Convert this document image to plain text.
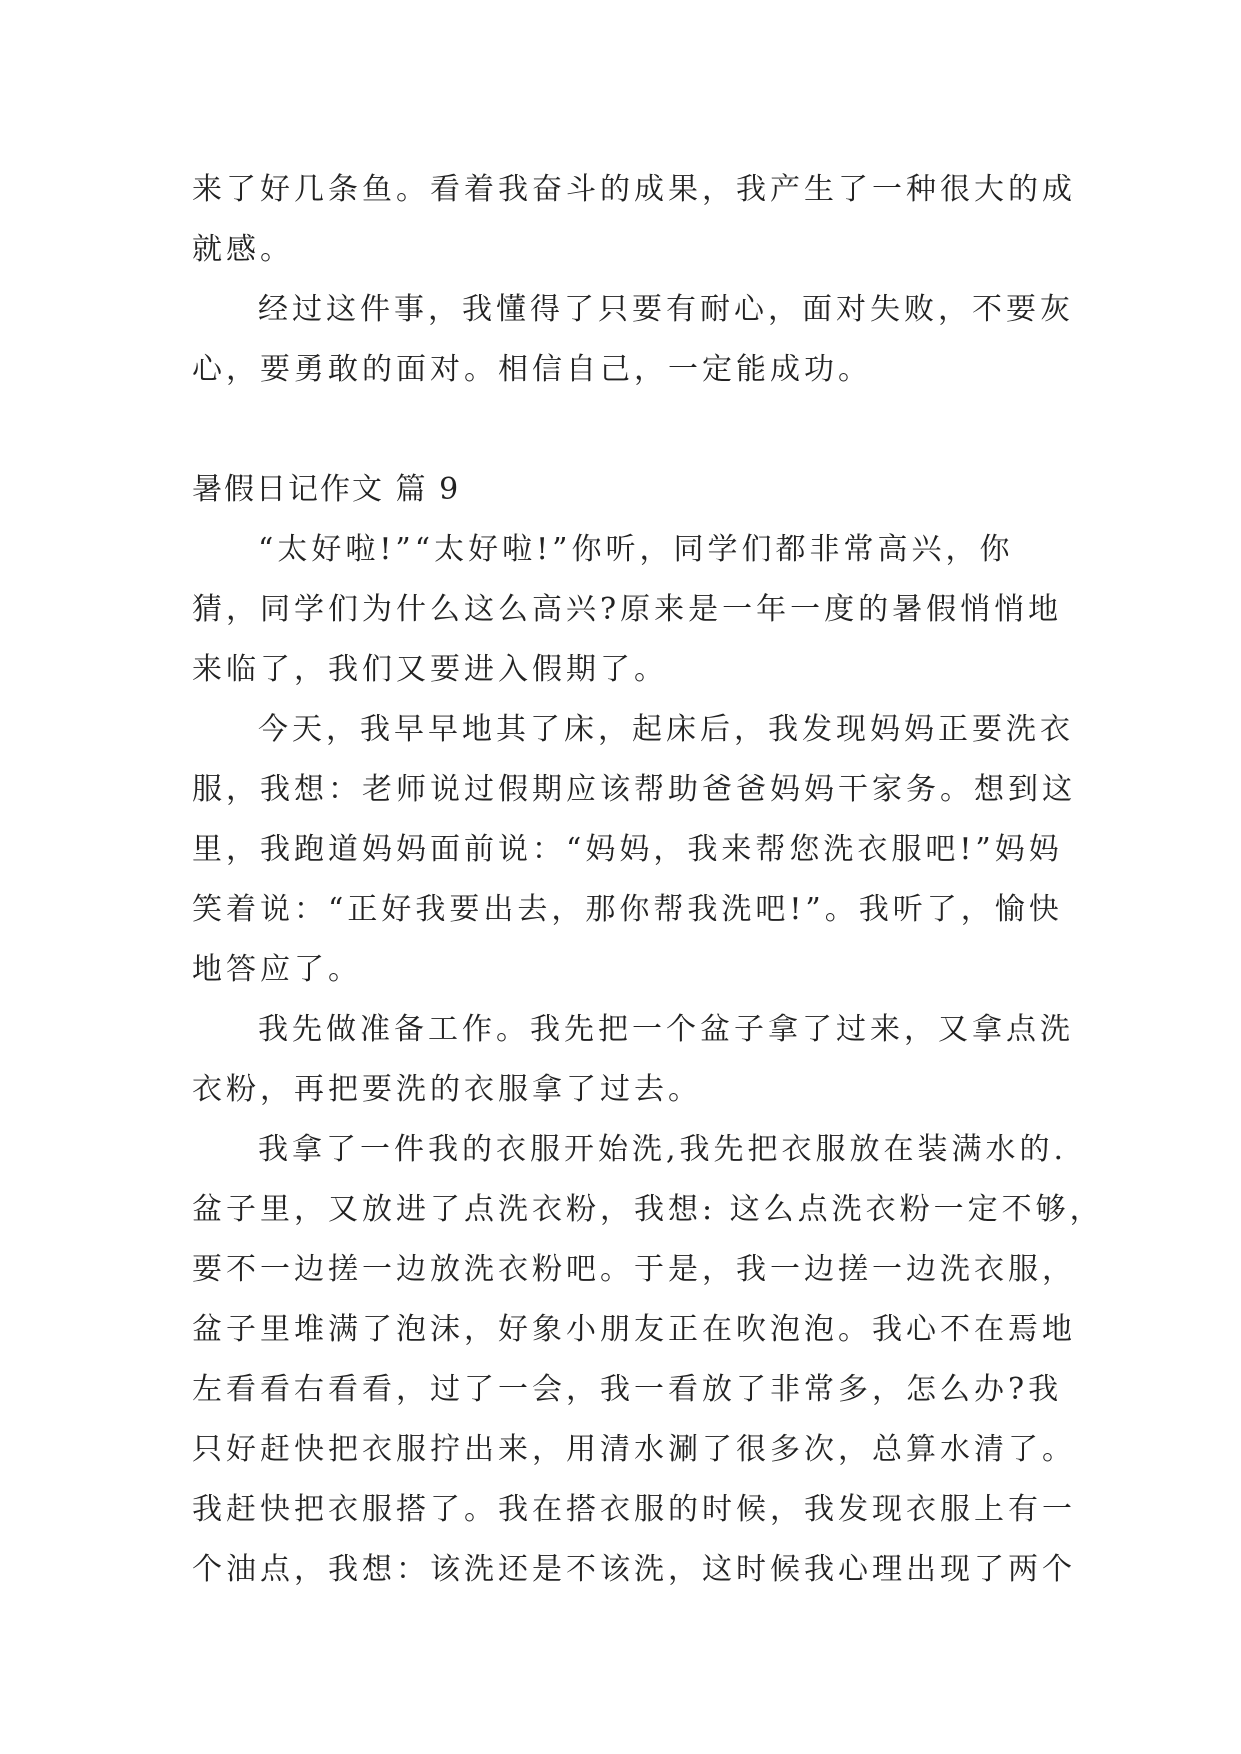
来了好几条鱼。看着我奋斗的成果，我产生了一种很大的成
就感。
经过这件事，我懂得了只要有耐心，面对失败，不要灰
心，要勇敢的面对。相信自己，一定能成功。
暑假日记作文 篇 9
“太好啦!”“太好啦!”你听，同学们都非常高兴，你
猜，同学们为什么这么高兴?原来是一年一度的暑假悄悄地
来临了，我们又要进入假期了。
今天，我早早地其了床，起床后，我发现妈妈正要洗衣
服，我想：老师说过假期应该帮助爸爸妈妈干家务。想到这
里，我跑道妈妈面前说：“妈妈，我来帮您洗衣服吧!”妈妈
笑着说：“正好我要出去，那你帮我洗吧!”。我听了，愉快
地答应了。
我先做准备工作。我先把一个盆子拿了过来，又拿点洗
衣粉，再把要洗的衣服拿了过去。
我拿了一件我的衣服开始洗,我先把衣服放在装满水的.
盆子里，又放进了点洗衣粉，我想: 这么点洗衣粉一定不够，
要不一边搓一边放洗衣粉吧。于是，我一边搓一边洗衣服，
盆子里堆满了泡沫，好象小朋友正在吹泡泡。我心不在焉地
左看看右看看，过了一会，我一看放了非常多，怎么办?我
只好赶快把衣服拧出来，用清水涮了很多次，总算水清了。
我赶快把衣服搭了。我在搭衣服的时候，我发现衣服上有一
个油点，我想：该洗还是不该洗，这时候我心理出现了两个
